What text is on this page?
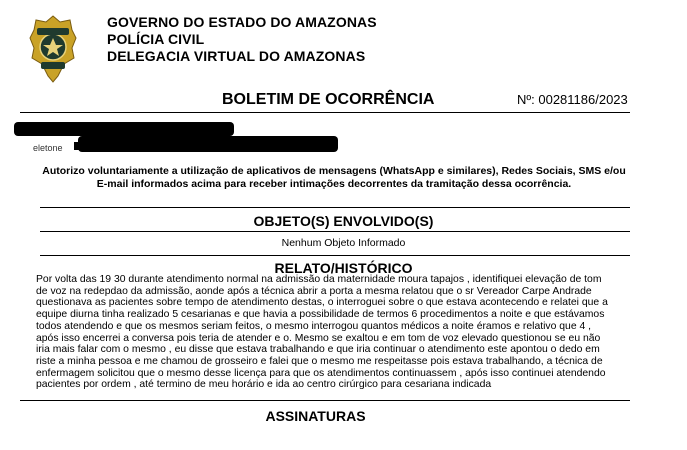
GOVERNO DO ESTADO DO AMAZONAS
POLÍCIA CIVIL
DELEGACIA VIRTUAL DO AMAZONAS
BOLETIM DE OCORRÊNCIA	Nº: 00281186/2023
eletone
Autorizo voluntariamente a utilização de aplicativos de mensagens (WhatsApp e similares), Redes Sociais, SMS e/ou
E-mail informados acima para receber intimações decorrentes da tramitação dessa ocorrência.
OBJETO(S) ENVOLVIDO(S)
Nenhum Objeto Informado
RELATO/HISTÓRICO
Por volta das 19 30 durante atendimento normal na admissão da maternidade moura tapajos , identifiquei elevação de tom
de voz na redepdao da admissão, aonde após a técnica abrir a porta a mesma relatou que o sr Vereador Carpe Andrade
questionava as pacientes sobre tempo de atendimento destas, o interroguei sobre o que estava acontecendo e relatei que a
equipe diurna tinha realizado 5 cesarianas e que havia a possibilidade de termos 6 procedimentos a noite e que estávamos
todos atendendo e que os mesmos seriam feitos, o mesmo interrogou quantos médicos a noite éramos e relativo que 4 ,
após isso encerrei a conversa pois teria de atender e o. Mesmo se exaltou e em tom de voz elevado questionou se eu não
iria mais falar com o mesmo , eu disse que estava trabalhando e que iria continuar o atendimento este apontou o dedo em
riste a minha pessoa e me chamou de grosseiro e falei que o mesmo me respeitasse pois estava trabalhando, a técnica de
enfermagem solicitou que o mesmo desse licença para que os atendimentos continuassem , após isso continuei atendendo
pacientes por ordem , até termino de meu horário e ida ao centro cirúrgico para cesariana indicada
ASSINATURAS
